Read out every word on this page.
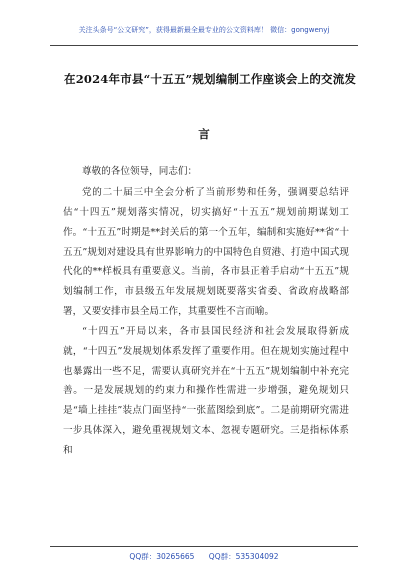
关注头条号“公文研究”，获得最新最全最专业的公文资料库！ 微信：gongwenyj
在2024年市县“十五五”规划编制工作座谈会上的交流发
言

尊敬的各位领导，同志们：

党的二十届三中全会分析了当前形势和任务，强调要总结评估“十四五”规划落实情况，切实搞好“十五五”规划前期谋划工作。“十五五”时期是**封关后的第一个五年，编制和实施好**省“十五五”规划对建设具有世界影响力的中国特色自贸港、打造中国式现代化的**样板具有重要意义。当前，各市县正着手启动“十五五”规划编制工作，市县级五年发展规划既要落实省委、省政府战略部署，又要安排市县全局工作，其重要性不言而喻。

“十四五”开局以来，各市县国民经济和社会发展取得新成就，“十四五”发展规划体系发挥了重要作用。但在规划实施过程中也暴露出一些不足，需要认真研究并在“十五五”规划编制中补充完善。一是发展规划的约束力和操作性需进一步增强，避免规划只是“墙上挂挂”装点门面坚持“一张蓝图绘到底”。二是前期研究需进一步具体深入，避免重视规划文本、忽视专题研究。三是指标体系和

QQ群：30265665 QQ群：535304092
